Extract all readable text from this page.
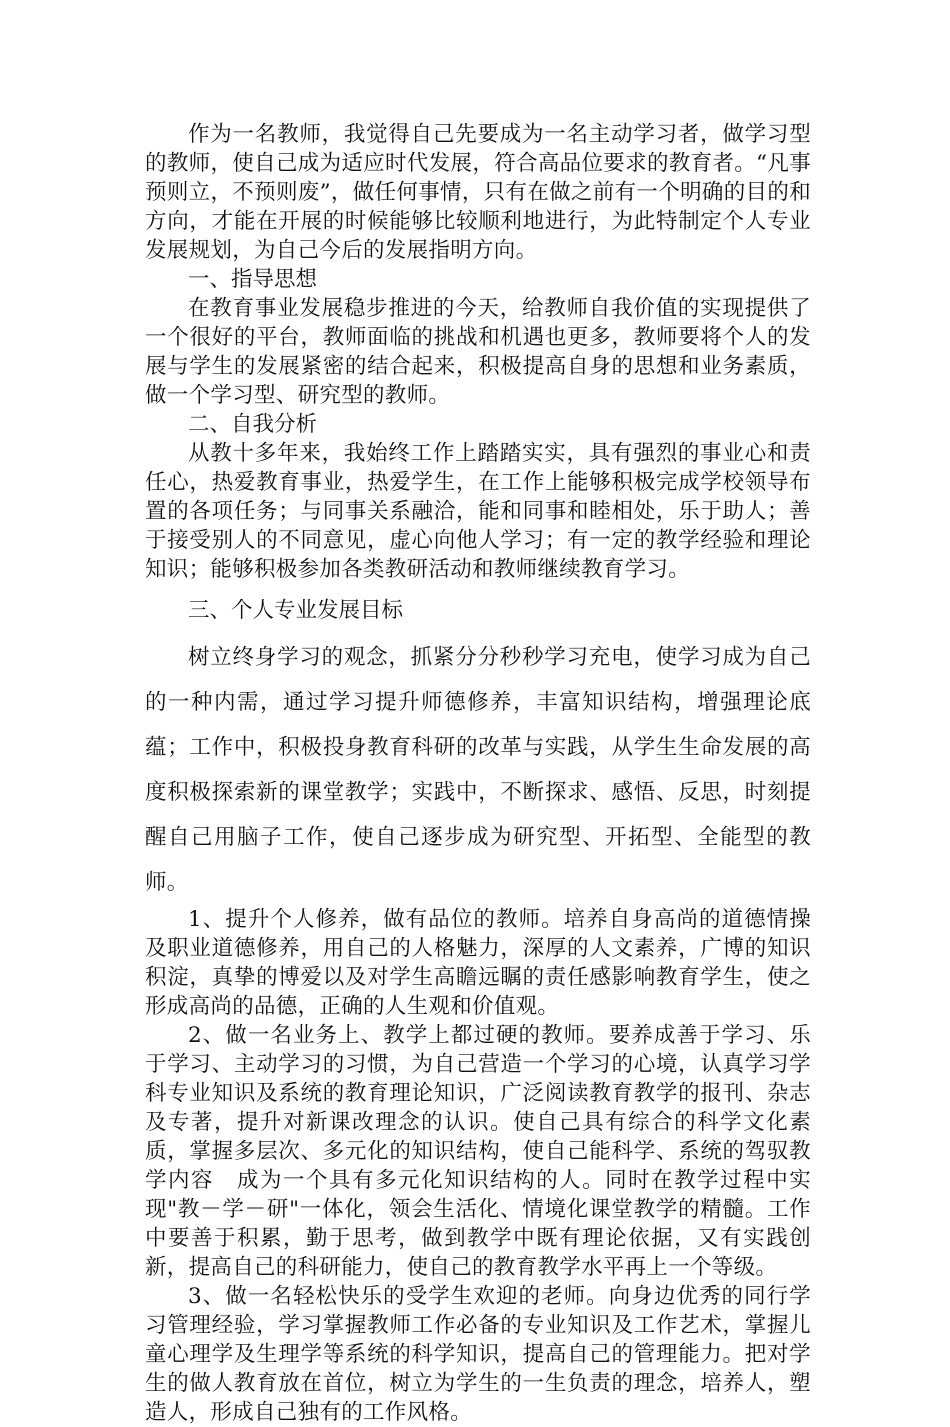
作为一名教师，我觉得自己先要成为一名主动学习者，做学习型的教师，使自己成为适应时代发展，符合高品位要求的教育者。“凡事预则立，不预则废”，做任何事情，只有在做之前有一个明确的目的和方向，才能在开展的时候能够比较顺利地进行，为此特制定个人专业发展规划，为自己今后的发展指明方向。

一、指导思想

在教育事业发展稳步推进的今天，给教师自我价值的实现提供了一个很好的平台，教师面临的挑战和机遇也更多，教师要将个人的发展与学生的发展紧密的结合起来，积极提高自身的思想和业务素质，做一个学习型、研究型的教师。

二、自我分析

从教十多年来，我始终工作上踏踏实实，具有强烈的事业心和责任心，热爱教育事业，热爱学生，在工作上能够积极完成学校领导布置的各项任务；与同事关系融洽，能和同事和睦相处，乐于助人；善于接受别人的不同意见，虚心向他人学习；有一定的教学经验和理论知识；能够积极参加各类教研活动和教师继续教育学习。

三、个人专业发展目标

树立终身学习的观念，抓紧分分秒秒学习充电，使学习成为自己的一种内需，通过学习提升师德修养，丰富知识结构，增强理论底蕴；工作中，积极投身教育科研的改革与实践，从学生生命发展的高度积极探索新的课堂教学；实践中，不断探求、感悟、反思，时刻提醒自己用脑子工作，使自己逐步成为研究型、开拓型、全能型的教师。

1、提升个人修养，做有品位的教师。培养自身高尚的道德情操及职业道德修养，用自己的人格魅力，深厚的人文素养，广博的知识积淀，真挚的博爱以及对学生高瞻远瞩的责任感影响教育学生，使之形成高尚的品德，正确的人生观和价值观。

2、做一名业务上、教学上都过硬的教师。要养成善于学习、乐于学习、主动学习的习惯，为自己营造一个学习的心境，认真学习学科专业知识及系统的教育理论知识，广泛阅读教育教学的报刊、杂志及专著，提升对新课改理念的认识。使自己具有综合的科学文化素质，掌握多层次、多元化的知识结构，使自己能科学、系统的驾驭教学内容　成为一个具有多元化知识结构的人。同时在教学过程中实现"教－学－研"一体化，领会生活化、情境化课堂教学的精髓。工作中要善于积累，勤于思考，做到教学中既有理论依据，又有实践创新，提高自己的科研能力，使自己的教育教学水平再上一个等级。

3、做一名轻松快乐的受学生欢迎的老师。向身边优秀的同行学习管理经验，学习掌握教师工作必备的专业知识及工作艺术，掌握儿童心理学及生理学等系统的科学知识，提高自己的管理能力。把对学生的做人教育放在首位，树立为学生的一生负责的理念，培养人，塑造人，形成自己独有的工作风格。
